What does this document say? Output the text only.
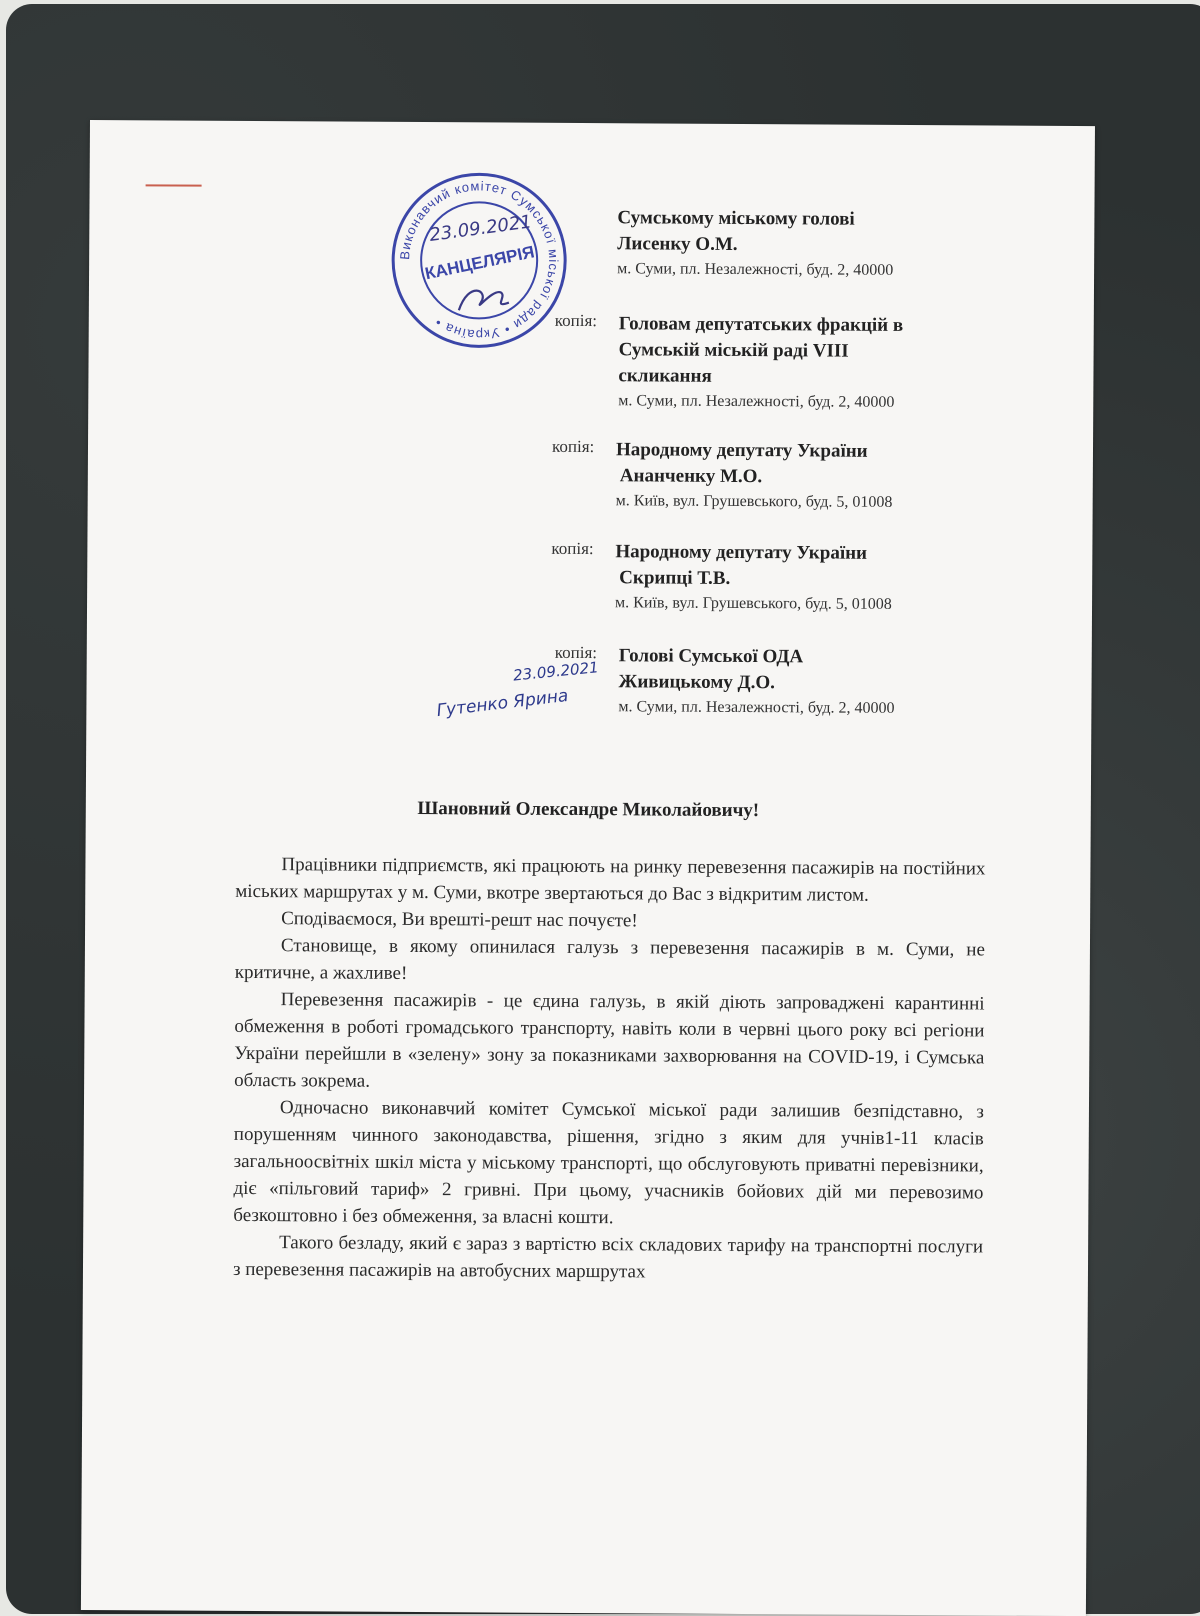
Виконавчий комітет Сумської міської ради • Україна •
КАНЦЕЛЯРІЯ
23.09.2021	Сумському міському голові
Лисенку О.М.
м. Суми, пл. Незалежності, буд. 2, 40000
копія: Головам депутатських фракцій в
Сумській міській раді VIII
скликання
м. Суми, пл. Незалежності, буд. 2, 40000
копія: Народному депутату України
Ананченку М.О.
м. Київ, вул. Грушевського, буд. 5, 01008
копія: Народному депутату України
Скрипці Т.В.
м. Київ, вул. Грушевського, буд. 5, 01008
копія: Голові Сумської ОДА
Живицькому Д.О.
м. Суми, пл. Незалежності, буд. 2, 40000
23.09.2021
Гутенко Ярина
Шановний Олександре Миколайовичу!

Працівники підприємств, які працюють на ринку перевезення пасажирів на постійних міських маршрутах у м. Суми, вкотре звертаються до Вас з відкритим листом.

Сподіваємося, Ви врешті-решт нас почуєте!

Становище, в якому опинилася галузь з перевезення пасажирів в м. Суми, не критичне, а жахливе!

Перевезення пасажирів - це єдина галузь, в якій діють запроваджені карантинні обмеження в роботі громадського транспорту, навіть коли в червні цього року всі регіони України перейшли в «зелену» зону за показниками захворювання на COVID-19, і Сумська область зокрема.

Одночасно виконавчий комітет Сумської міської ради залишив безпідставно, з порушенням чинного законодавства, рішення, згідно з яким для учнів1-11 класів загальноосвітніх шкіл міста у міському транспорті, що обслуговують приватні перевізники, діє «пільговий тариф» 2 гривні. При цьому, учасників бойових дій ми перевозимо безкоштовно і без обмеження, за власні кошти.

Такого безладу, який є зараз з вартістю всіх складових тарифу на транспортні послуги з перевезення пасажирів на автобусних маршрутах
